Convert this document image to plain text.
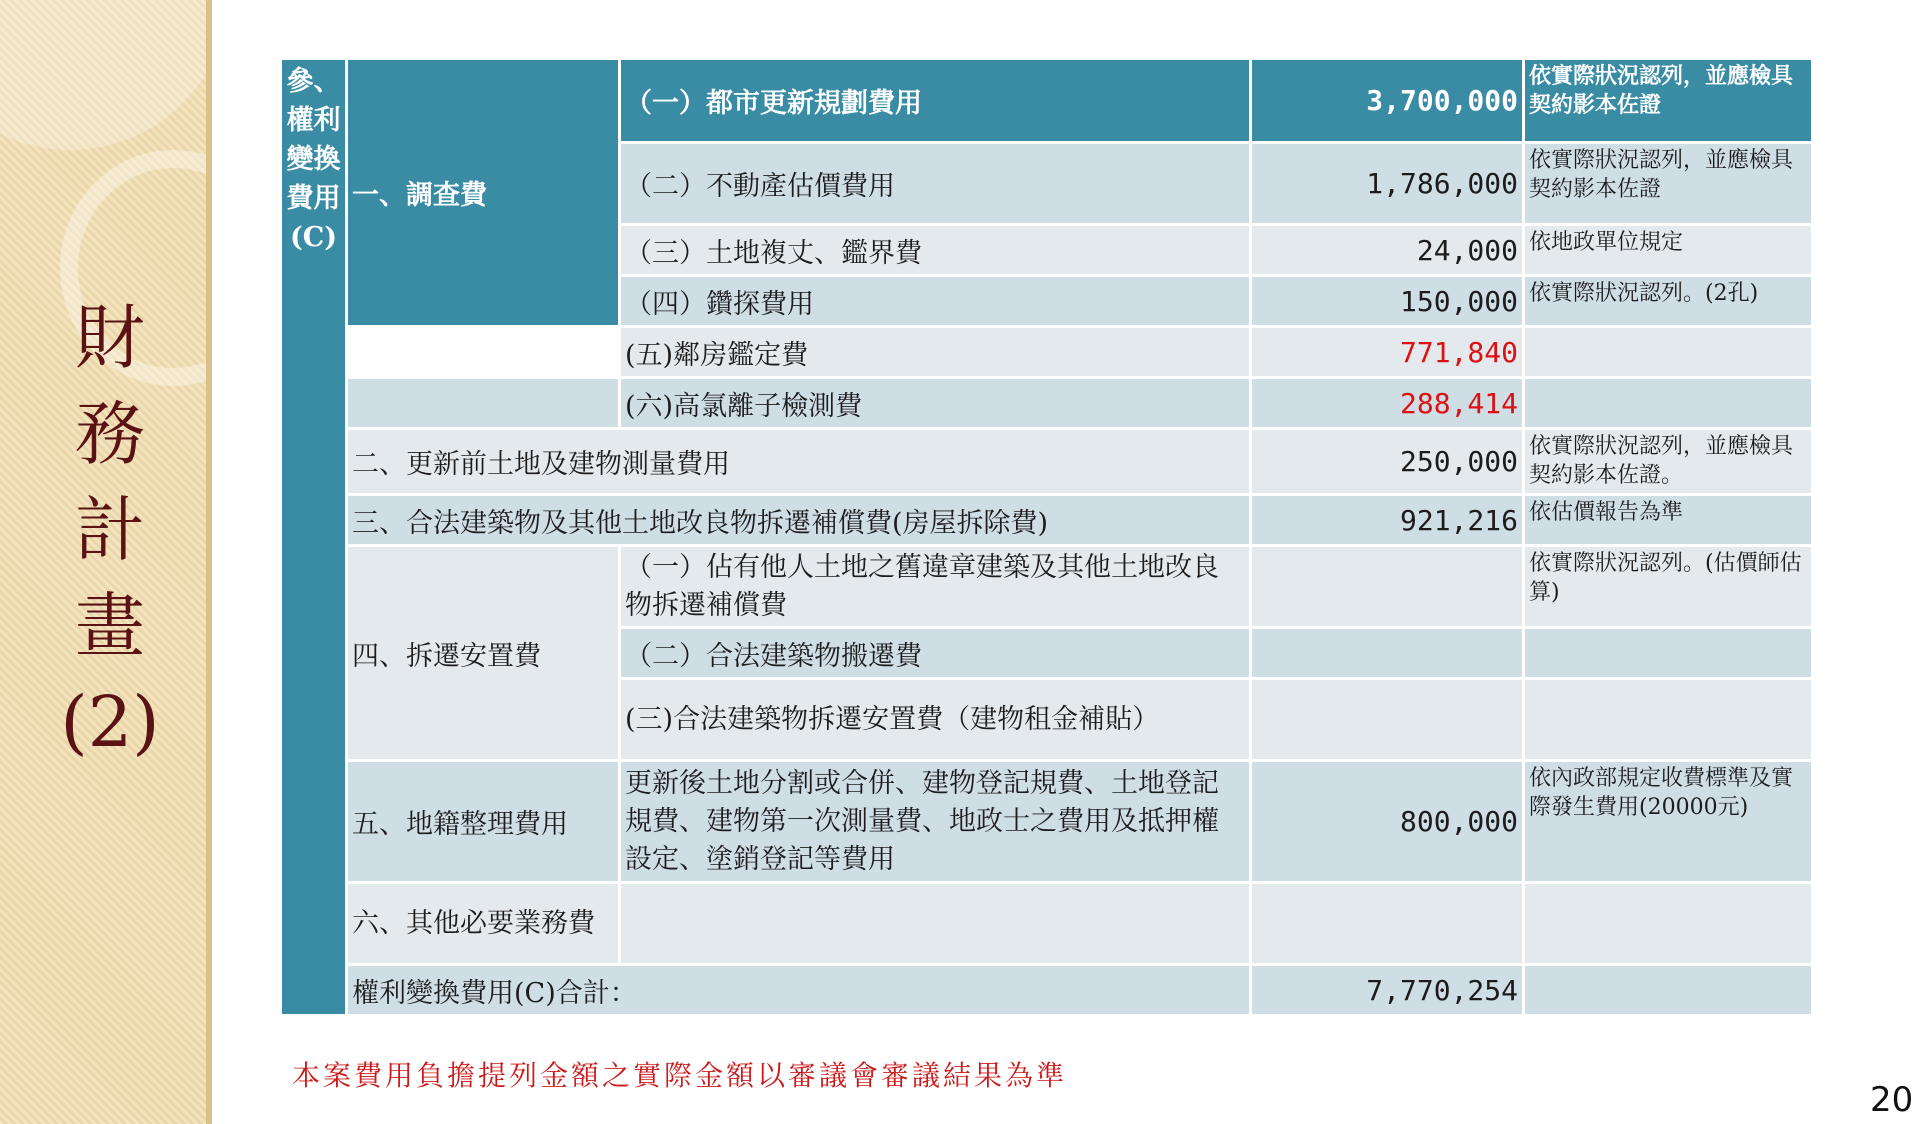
財
務
計
畫
(2)
參、權利變換費用(C)	一、調查費	（一）都市更新規劃費用	3,700,000	依實際狀況認列，並應檢具契約影本佐證
		（二）不動產估價費用	1,786,000	依實際狀況認列，並應檢具契約影本佐證
		（三）土地複丈、鑑界費	24,000	依地政單位規定
		（四）鑽探費用	150,000	依實際狀況認列。(2孔)
		(五)鄰房鑑定費	771,840	
		(六)高氯離子檢測費	288,414	
	二、更新前土地及建物測量費用		250,000	依實際狀況認列，並應檢具契約影本佐證。
	三、合法建築物及其他土地改良物拆遷補償費(房屋拆除費)		921,216	依估價報告為準
	四、拆遷安置費	（一）佔有他人土地之舊違章建築及其他土地改良物拆遷補償費		依實際狀況認列。(估價師估算)
		（二）合法建築物搬遷費		
		(三)合法建築物拆遷安置費（建物租金補貼）		
	五、地籍整理費用	更新後土地分割或合併、建物登記規費、土地登記規費、建物第一次測量費、地政士之費用及抵押權設定、塗銷登記等費用	800,000	依內政部規定收費標準及實際發生費用(20000元)
	六、其他必要業務費			
	權利變換費用(C)合計：		7,770,254	
本案費用負擔提列金額之實際金額以審議會審議結果為準
20
